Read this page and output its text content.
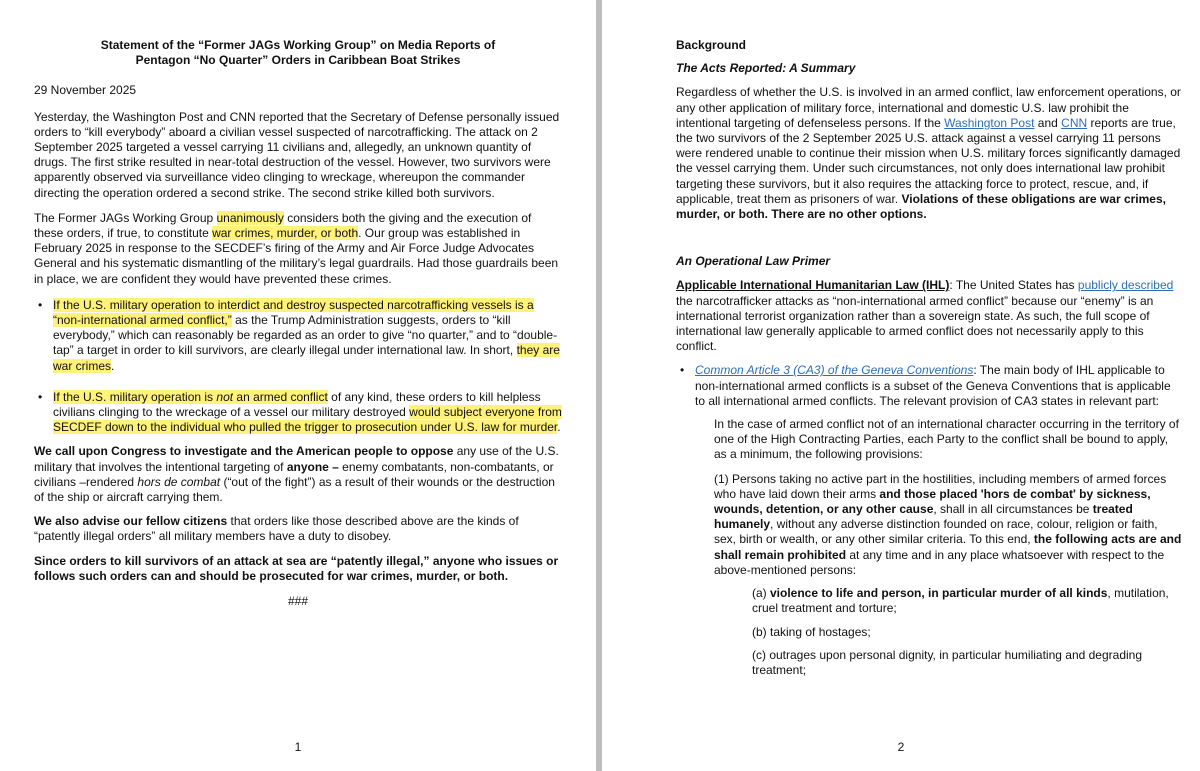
Statement of the “Former JAGs Working Group” on Media Reports of
Pentagon “No Quarter” Orders in Caribbean Boat Strikes

29 November 2025

Yesterday, the Washington Post and CNN reported that the Secretary of Defense personally issued orders to “kill everybody” aboard a civilian vessel suspected of narcotrafficking. The attack on 2 September 2025 targeted a vessel carrying 11 civilians and, allegedly, an unknown quantity of drugs. The first strike resulted in near-total destruction of the vessel. However, two survivors were apparently observed via surveillance video clinging to wreckage, whereupon the commander directing the operation ordered a second strike. The second strike killed both survivors.

The Former JAGs Working Group unanimously considers both the giving and the execution of these orders, if true, to constitute war crimes, murder, or both. Our group was established in February 2025 in response to the SECDEF’s firing of the Army and Air Force Judge Advocates General and his systematic dismantling of the military’s legal guardrails. Had those guardrails been in place, we are confident they would have prevented these crimes.

• If the U.S. military operation to interdict and destroy suspected narcotrafficking vessels is a “non-international armed conflict,” as the Trump Administration suggests, orders to “kill everybody,” which can reasonably be regarded as an order to give “no quarter,” and to “double-tap” a target in order to kill survivors, are clearly illegal under international law. In short, they are war crimes.
• If the U.S. military operation is not an armed conflict of any kind, these orders to kill helpless civilians clinging to the wreckage of a vessel our military destroyed would subject everyone from SECDEF down to the individual who pulled the trigger to prosecution under U.S. law for murder.

We call upon Congress to investigate and the American people to oppose any use of the U.S. military that involves the intentional targeting of anyone – enemy combatants, non-combatants, or civilians –rendered hors de combat (“out of the fight”) as a result of their wounds or the destruction of the ship or aircraft carrying them.

We also advise our fellow citizens that orders like those described above are the kinds of “patently illegal orders” all military members have a duty to disobey.

Since orders to kill survivors of an attack at sea are “patently illegal,” anyone who issues or follows such orders can and should be prosecuted for war crimes, murder, or both.

###

1

Background

The Acts Reported: A Summary

Regardless of whether the U.S. is involved in an armed conflict, law enforcement operations, or any other application of military force, international and domestic U.S. law prohibit the intentional targeting of defenseless persons. If the Washington Post and CNN reports are true, the two survivors of the 2 September 2025 U.S. attack against a vessel carrying 11 persons were rendered unable to continue their mission when U.S. military forces significantly damaged the vessel carrying them. Under such circumstances, not only does international law prohibit targeting these survivors, but it also requires the attacking force to protect, rescue, and, if applicable, treat them as prisoners of war. Violations of these obligations are war crimes, murder, or both. There are no other options.

An Operational Law Primer

Applicable International Humanitarian Law (IHL): The United States has publicly described the narcotrafficker attacks as “non-international armed conflict” because our “enemy” is an international terrorist organization rather than a sovereign state. As such, the full scope of international law generally applicable to armed conflict does not necessarily apply to this conflict.

• Common Article 3 (CA3) of the Geneva Conventions: The main body of IHL applicable to non-international armed conflicts is a subset of the Geneva Conventions that is applicable to all international armed conflicts. The relevant provision of CA3 states in relevant part:

In the case of armed conflict not of an international character occurring in the territory of one of the High Contracting Parties, each Party to the conflict shall be bound to apply, as a minimum, the following provisions:

(1) Persons taking no active part in the hostilities, including members of armed forces who have laid down their arms and those placed 'hors de combat' by sickness, wounds, detention, or any other cause, shall in all circumstances be treated humanely, without any adverse distinction founded on race, colour, religion or faith, sex, birth or wealth, or any other similar criteria. To this end, the following acts are and shall remain prohibited at any time and in any place whatsoever with respect to the above-mentioned persons:

(a) violence to life and person, in particular murder of all kinds, mutilation, cruel treatment and torture;

(b) taking of hostages;

(c) outrages upon personal dignity, in particular humiliating and degrading treatment;

2
